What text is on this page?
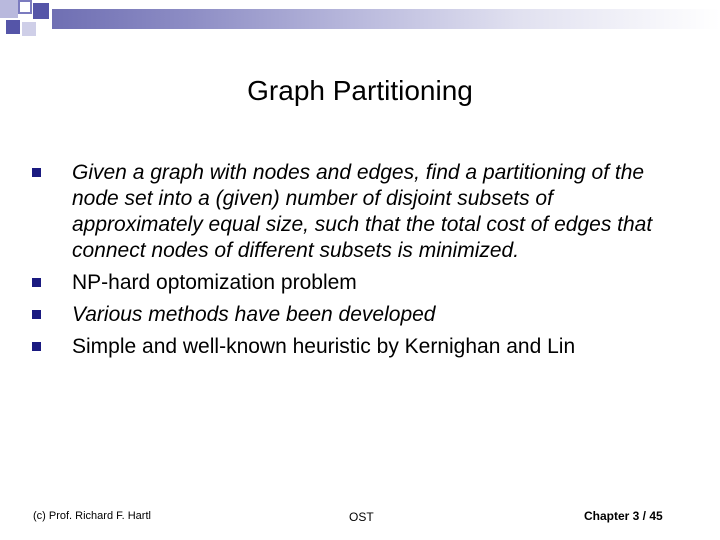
Graph Partitioning
Given a graph with nodes and edges, find a partitioning of the node set into a (given) number of disjoint subsets of approximately equal size, such that the total cost of edges that connect nodes of different subsets is minimized.
NP-hard optomization problem
Various methods have been developed
Simple and well-known heuristic by Kernighan and Lin
(c) Prof. Richard F. Hartl	OST	Chapter 3 / 45
